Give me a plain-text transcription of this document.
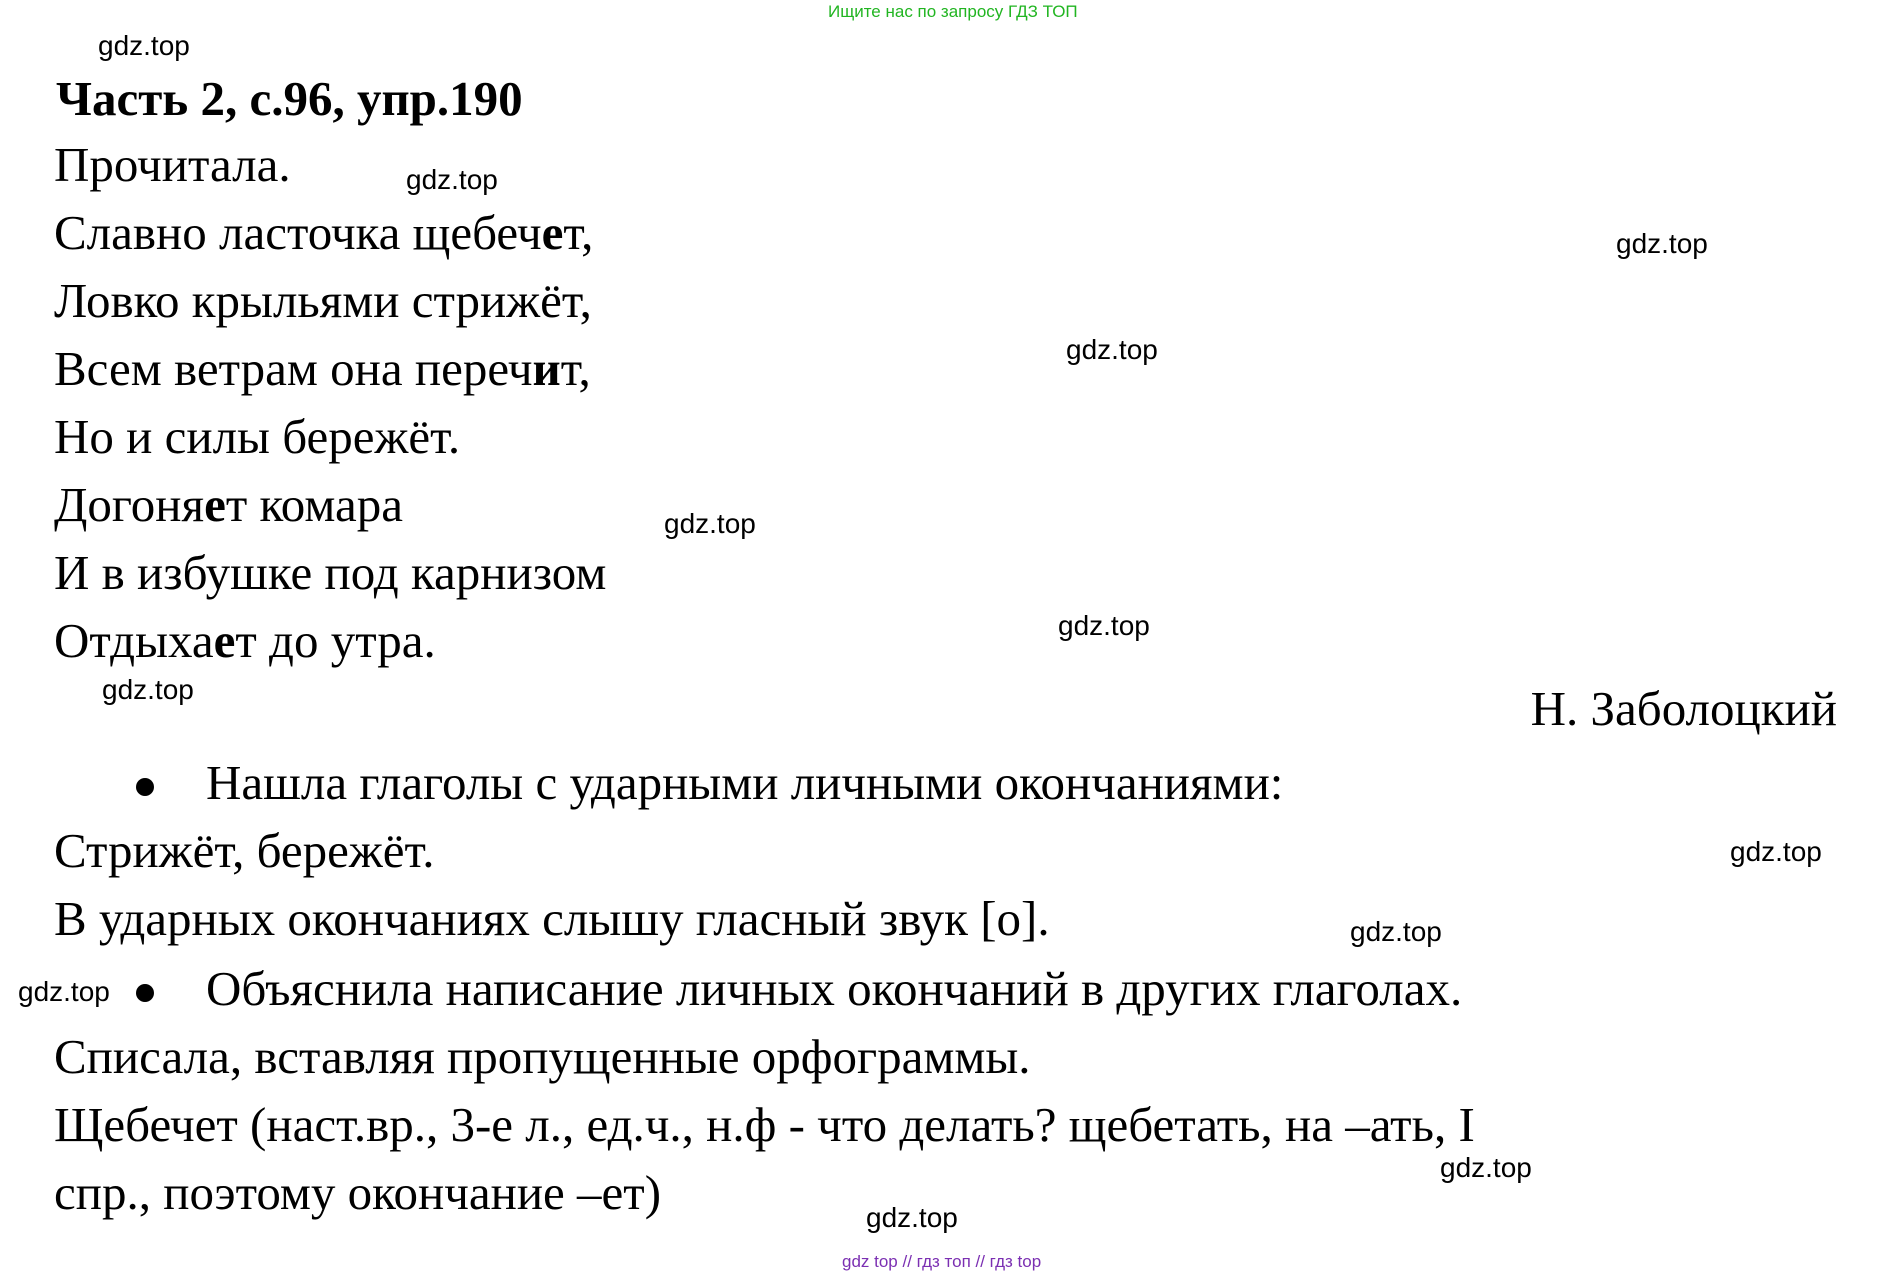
Ищите нас по запросу ГДЗ ТОП
gdz.top
Часть 2, с.96, упр.190
Прочитала.	gdz.top
Славно ласточка щебечет,	gdz.top
Ловко крыльями стрижёт,
gdz.top
Всем ветрам она перечит,
Но и силы бережёт.
Догоняет комара	gdz.top
И в избушке под карнизом
gdz.top
Отдыхает до утра.
gdz.top	Н. Заболоцкий
Нашла глаголы с ударными личными окончаниями:
Стрижёт, бережёт.	gdz.top
В ударных окончаниях слышу гласный звук [о].	gdz.top
gdz.top Объяснила написание личных окончаний в других глаголах.
Списала, вставляя пропущенные орфограммы.
Щебечет (наст.вр., 3-е л., ед.ч., н.ф - что делать? щебетать, на –ать, I
gdz.top
спр., поэтому окончание –ет)	gdz.top
gdz top // гдз топ // гдз top
